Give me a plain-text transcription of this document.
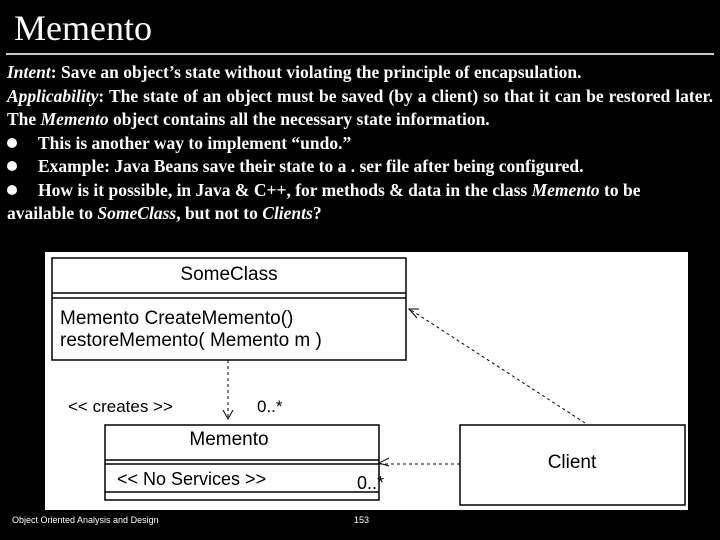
Memento

Intent: Save an object’s state without violating the principle of encapsulation.

Applicability: The state of an object must be saved (by a client) so that it can be restored later. The Memento object contains all the necessary state information.

This is another way to implement “undo.”

Example: Java Beans save their state to a . ser file after being configured.

How is it possible, in Java & C++, for methods & data in the class Memento to be

available to SomeClass, but not to Clients?

SomeClass
Memento CreateMemento()
restoreMemento( Memento m )
<< creates >>	0..*
Memento
<< No Services >>
Client
0..*
Object Oriented Analysis and Design	153
